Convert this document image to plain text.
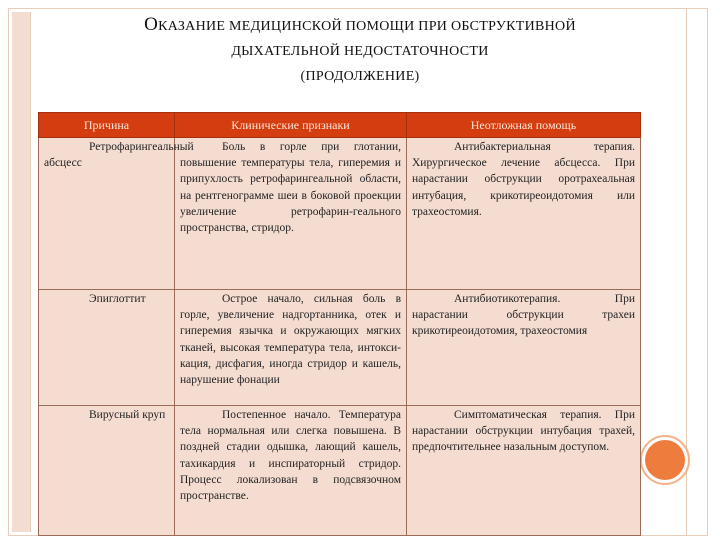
ОКАЗАНИЕ МЕДИЦИНСКОЙ ПОМОЩИ ПРИ ОБСТРУКТИВНОЙ
ДЫХАТЕЛЬНОЙ НЕДОСТАТОЧНОСТИ
(ПРОДОЛЖЕНИЕ)
Причина	Клинические признаки	Неотложная помощь
Ретрофарингеальный абсцесс	Боль в горле при глотании, повышение температуры тела, гиперемия и припухлость ретрофарингеальной области, на рентгенограмме шеи в боковой проекции увеличение ретрофарин-геального пространства, стридор.	Антибактериальная терапия. Хирургическое лечение абсцесса. При нарастании обструкции оротрахеальная интубация, крикотиреоидотомия или трахеостомия.
Эпиглоттит	Острое начало, сильная боль в горле, увеличение надгортанника, отек и гиперемия язычка и окружающих мягких тканей, высокая температура тела, интокси-кация, дисфагия, иногда стридор и кашель, нарушение фонации	Антибиотикотерапия. При нарастании обструкции трахеи крикотиреоидотомия, трахеостомия
Вирусный круп	Постепенное начало. Температура тела нормальная или слегка повышена. В поздней стадии одышка, лающий кашель, тахикардия и инспираторный стридор. Процесс локализован в подсвязочном пространстве.	Симптоматическая терапия. При нарастании обструкции интубация трахей, предпочтительнее назальным доступом.
